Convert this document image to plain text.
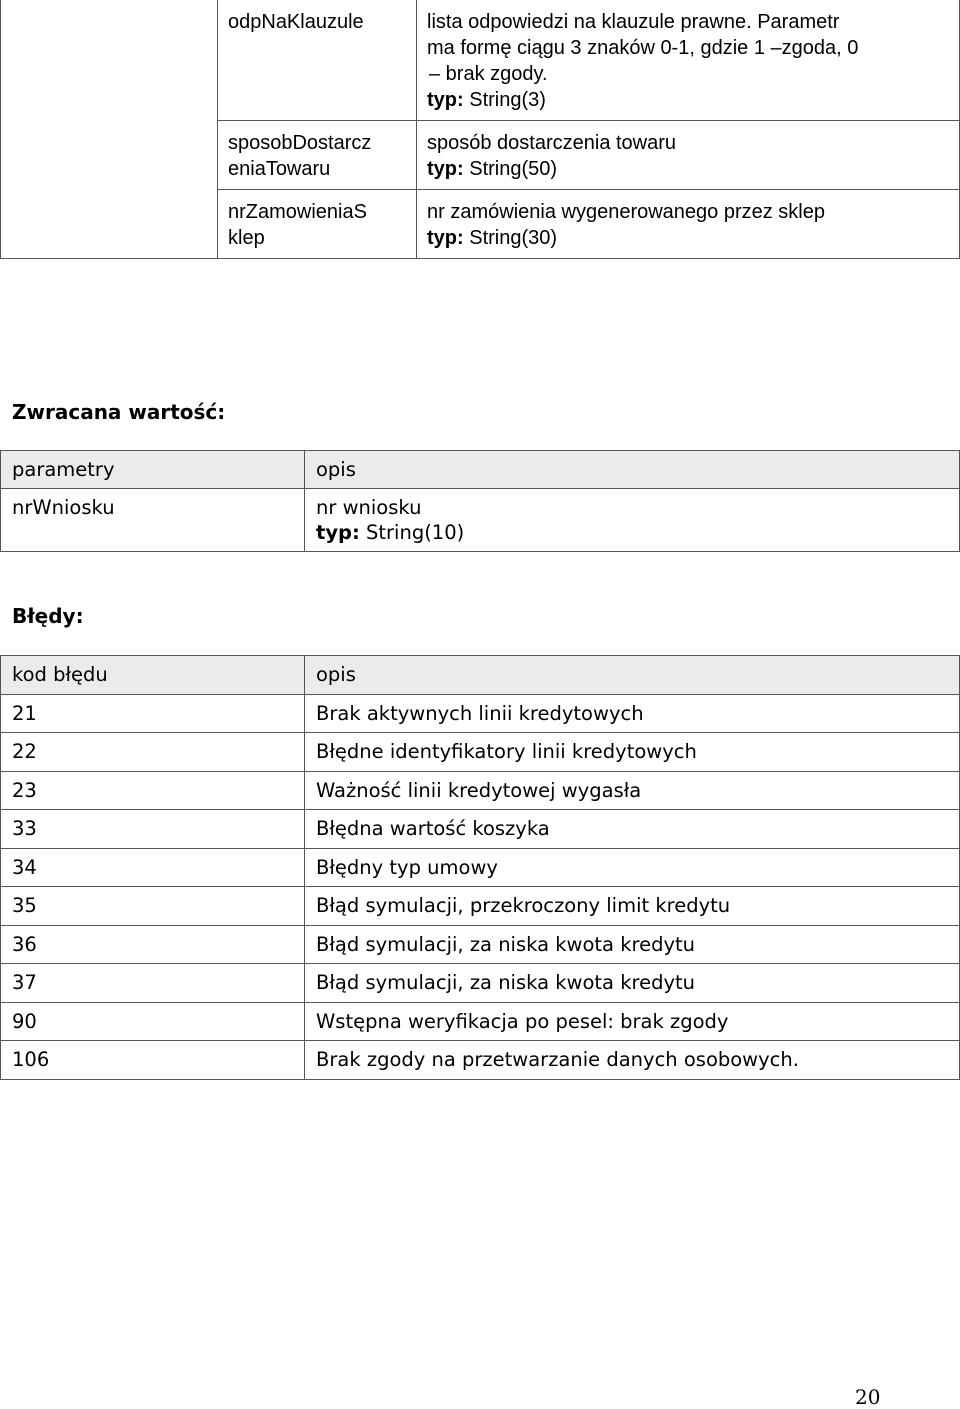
	odpNaKlauzule	lista odpowiedzi na klauzule prawne. Parametr
ma formę ciągu 3 znaków 0-1, gdzie 1 –zgoda, 0
– brak zgody.
typ: String(3)

	sposobDostarcz
eniaTowaru	sposób dostarczenia towaru
typ: String(50)

	nrZamowieniaS
klep	nr zamówienia wygenerowanego przez sklep
typ: String(30)
Zwracana wartość:
parametry	opis
nrWniosku	nr wniosku
typ: String(10)
Błędy:
kod błędu	opis
21	Brak aktywnych linii kredytowych
22	Błędne identyfikatory linii kredytowych
23	Ważność linii kredytowej wygasła
33	Błędna wartość koszyka
34	Błędny typ umowy
35	Błąd symulacji, przekroczony limit kredytu
36	Błąd symulacji, za niska kwota kredytu
37	Błąd symulacji, za niska kwota kredytu
90	Wstępna weryfikacja po pesel: brak zgody
106	Brak zgody na przetwarzanie danych osobowych.
20
